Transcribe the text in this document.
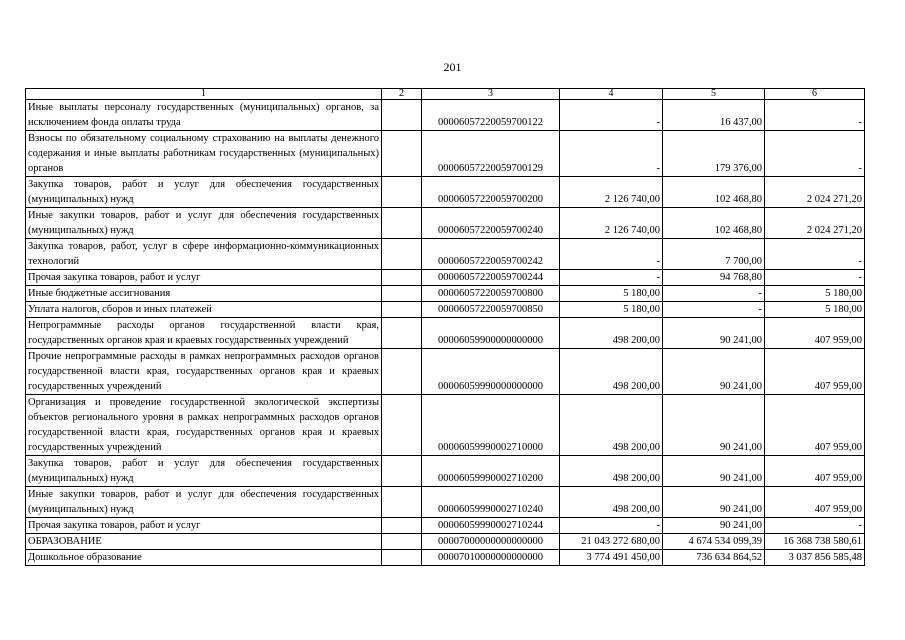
201
1	2	3	4	5	6
Иные выплаты персоналу государственных (муниципальных) органов, за исключением фонда оплаты труда		00006057220059700122	-	16 437,00	-
Взносы по обязательному социальному страхованию на выплаты денежного содержания и иные выплаты работникам государственных (муниципальных) органов		00006057220059700129	-	179 376,00	-
Закупка товаров, работ и услуг для обеспечения государственных (муниципальных) нужд		00006057220059700200	2 126 740,00	102 468,80	2 024 271,20
Иные закупки товаров, работ и услуг для обеспечения государственных (муниципальных) нужд		00006057220059700240	2 126 740,00	102 468,80	2 024 271,20
Закупка товаров, работ, услуг в сфере информационно-коммуникационных технологий		00006057220059700242	-	7 700,00	-
Прочая закупка товаров, работ и услуг		00006057220059700244	-	94 768,80	-
Иные бюджетные ассигнования		00006057220059700800	5 180,00	-	5 180,00
Уплата налогов, сборов и иных платежей		00006057220059700850	5 180,00	-	5 180,00
Непрограммные расходы органов государственной власти края, государственных органов края и краевых государственных учреждений		00006059900000000000	498 200,00	90 241,00	407 959,00
Прочие непрограммные расходы в рамках непрограммных расходов органов государственной власти края, государственных органов края и краевых государственных учреждений		00006059990000000000	498 200,00	90 241,00	407 959,00
Организация и проведение государственной экологической экспертизы объектов регионального уровня в рамках непрограммных расходов органов государственной власти края, государственных органов края и краевых государственных учреждений		00006059990002710000	498 200,00	90 241,00	407 959,00
Закупка товаров, работ и услуг для обеспечения государственных (муниципальных) нужд		00006059990002710200	498 200,00	90 241,00	407 959,00
Иные закупки товаров, работ и услуг для обеспечения государственных (муниципальных) нужд		00006059990002710240	498 200,00	90 241,00	407 959,00
Прочая закупка товаров, работ и услуг		00006059990002710244	-	90 241,00	-
ОБРАЗОВАНИЕ		00007000000000000000	21 043 272 680,00	4 674 534 099,39	16 368 738 580,61
Дошкольное образование		00007010000000000000	3 774 491 450,00	736 634 864,52	3 037 856 585,48
